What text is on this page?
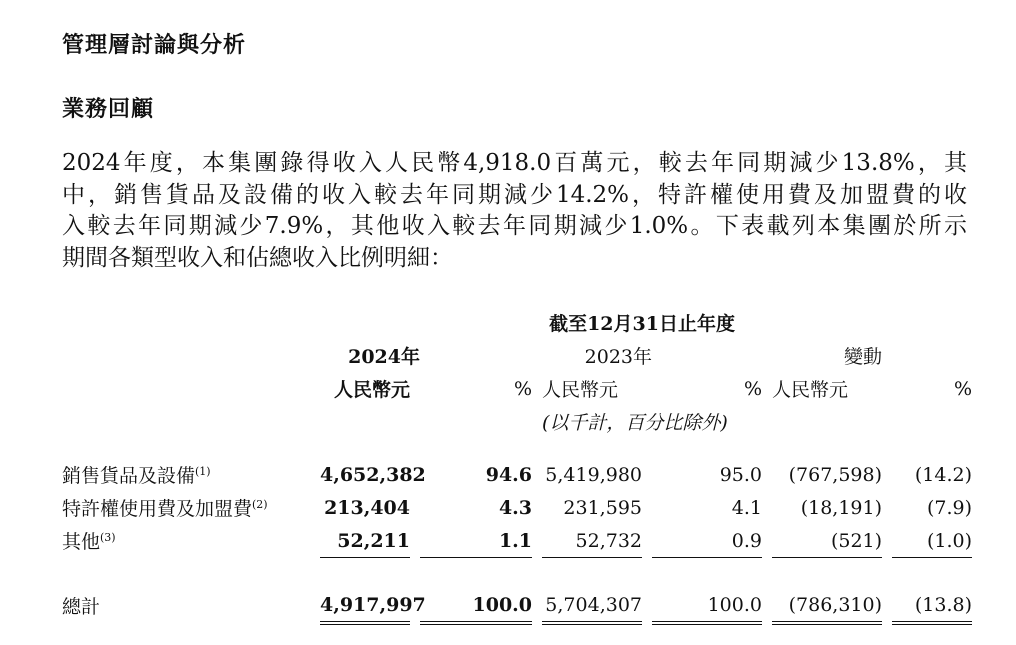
管理層討論與分析
業務回顧
2024年度，本集團錄得收入人民幣4,918.0百萬元，較去年同期減少13.8%，其
中，銷售貨品及設備的收入較去年同期減少14.2%，特許權使用費及加盟費的收
入較去年同期減少7.9%，其他收入較去年同期減少1.0%。下表載列本集團於所示
期間各類型收入和佔總收入比例明細：
					截至12月31日止年度						
	2024年				2023年				變動		
	人民幣元		%		人民幣元		%		人民幣元		%
					(以千計，百分比除外)						

銷售貨品及設備$^{(1)}$	4,652,382		94.6		5,419,980		95.0		(767,598)		(14.2)
特許權使用費及加盟費$^{(2)}$	213,404		4.3		231,595		4.1		(18,191)		(7.9)
其他$^{(3)}$	52,211		1.1		52,732		0.9		(521)		(1.0)

總計	4,917,997		100.0		5,704,307		100.0		(786,310)		(13.8)
